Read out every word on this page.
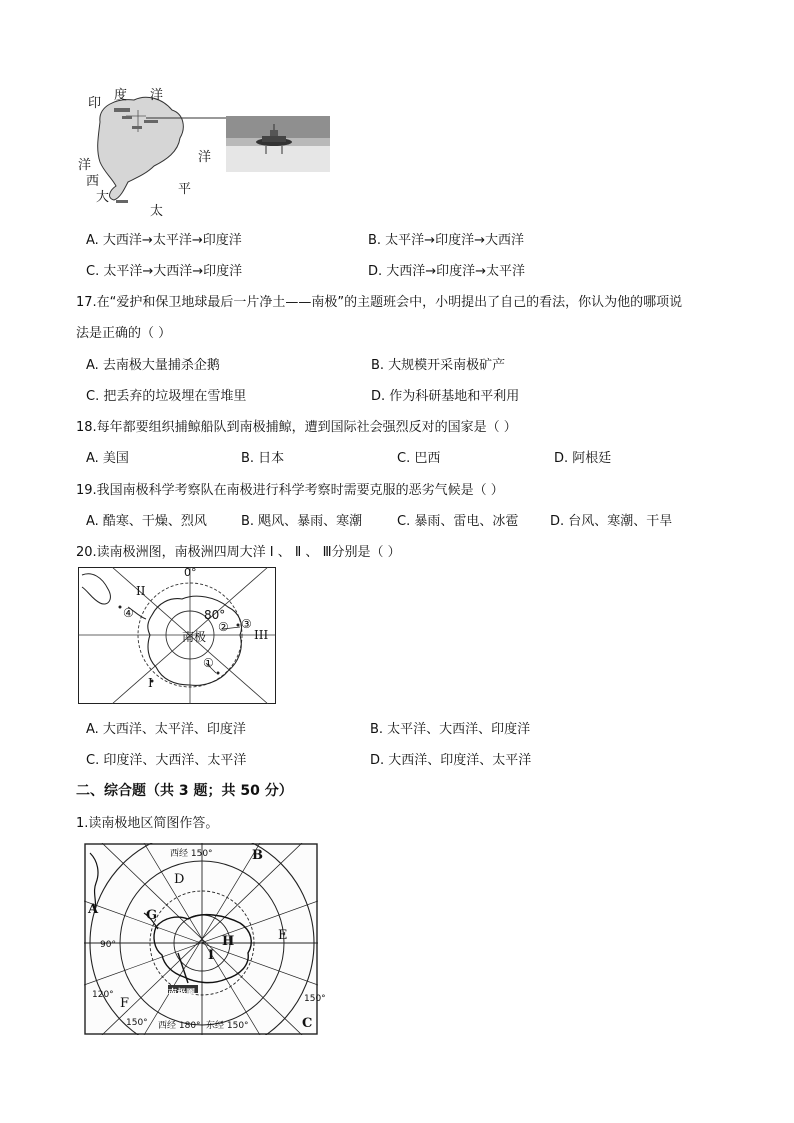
印
度 洋
洋
西
大
平
太
洋
A. 大西洋→太平洋→印度洋	B. 太平洋→印度洋→大西洋
C. 太平洋→大西洋→印度洋	D. 大西洋→印度洋→太平洋
17.在“爱护和保卫地球最后一片净土——南极”的主题班会中，小明提出了自己的看法，你认为他的哪项说
法是正确的（ ）
A. 去南极大量捕杀企鹅	B. 大规模开采南极矿产
C. 把丢弃的垃圾埋在雪堆里	D. 作为科研基地和平利用
18.每年都要组织捕鲸船队到南极捕鲸，遭到国际社会强烈反对的国家是（ ）
A. 美国	B. 日本	C. 巴西	D. 阿根廷
19.我国南极科学考察队在南极进行科学考察时需要克服的恶劣气候是（ ）
A. 酷寒、干燥、烈风	B. 飓风、暴雨、寒潮	C. 暴雨、雷电、冰雹 D. 台风、寒潮、干旱
20.读南极洲图，南极洲四周大洋 Ⅰ 、 Ⅱ 、 Ⅲ分别是（ ）
0°
80°
南极
I
II
III
①
② ③
④
A. 大西洋、太平洋、印度洋	B. 太平洋、大西洋、印度洋
C. 印度洋、大西洋、太平洋	D. 大西洋、印度洋、太平洋
二、综合题（共 3 题；共 50 分）
1.读南极地区简图作答。
B
D
A	G
E
H
I
F
C
西经 150°
90°
120°	150°
150° 西经 180° 东经 150°
南极圈
